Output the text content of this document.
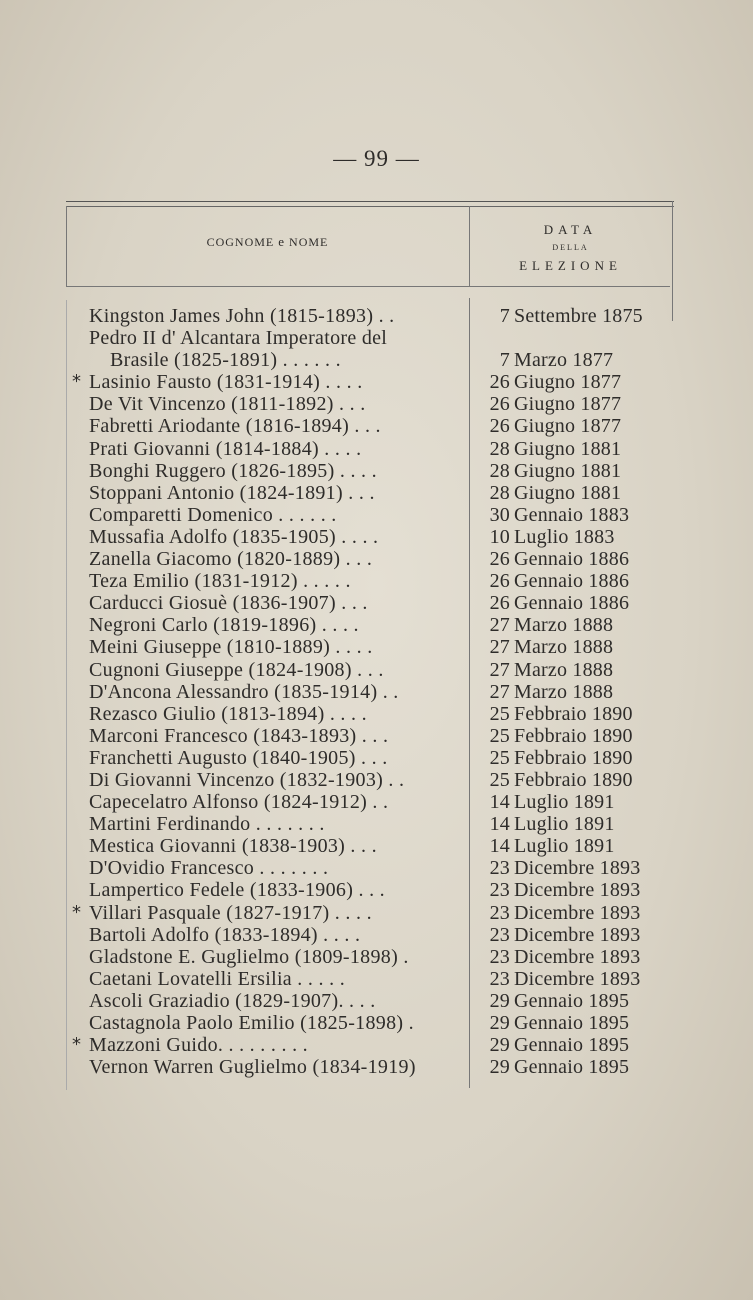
— 99 —
COGNOME e NOME
DATA
DELLA
ELEZIONE
Kingston James John (1815-1893) . .	7 Settembre 1875
Pedro II d' Alcantara Imperatore del
Brasile (1825-1891) . . . . . .	7 Marzo 1877
* Lasinio Fausto (1831-1914) . . . .	26 Giugno 1877
De Vit Vincenzo (1811-1892) . . .	26 Giugno 1877
Fabretti Ariodante (1816-1894) . . .	26 Giugno 1877
Prati Giovanni (1814-1884) . . . .	28 Giugno 1881
Bonghi Ruggero (1826-1895) . . . .	28 Giugno 1881
Stoppani Antonio (1824-1891) . . .	28 Giugno 1881
Comparetti Domenico . . . . . .	30 Gennaio 1883
Mussafia Adolfo (1835-1905) . . . .	10 Luglio 1883
Zanella Giacomo (1820-1889) . . .	26 Gennaio 1886
Teza Emilio (1831-1912) . . . . .	26 Gennaio 1886
Carducci Giosuè (1836-1907) . . .	26 Gennaio 1886
Negroni Carlo (1819-1896) . . . .	27 Marzo 1888
Meini Giuseppe (1810-1889) . . . .	27 Marzo 1888
Cugnoni Giuseppe (1824-1908) . . .	27 Marzo 1888
D'Ancona Alessandro (1835-1914) . .	27 Marzo 1888
Rezasco Giulio (1813-1894) . . . .	25 Febbraio 1890
Marconi Francesco (1843-1893) . . .	25 Febbraio 1890
Franchetti Augusto (1840-1905) . . .	25 Febbraio 1890
Di Giovanni Vincenzo (1832-1903) . .	25 Febbraio 1890
Capecelatro Alfonso (1824-1912) . .	14 Luglio 1891
Martini Ferdinando . . . . . . .	14 Luglio 1891
Mestica Giovanni (1838-1903) . . .	14 Luglio 1891
D'Ovidio Francesco . . . . . . .	23 Dicembre 1893
Lampertico Fedele (1833-1906) . . .	23 Dicembre 1893
* Villari Pasquale (1827-1917) . . . .	23 Dicembre 1893
Bartoli Adolfo (1833-1894) . . . .	23 Dicembre 1893
Gladstone E. Guglielmo (1809-1898) .	23 Dicembre 1893
Caetani Lovatelli Ersilia . . . . .	23 Dicembre 1893
Ascoli Graziadio (1829-1907). . . .	29 Gennaio 1895
Castagnola Paolo Emilio (1825-1898) .	29 Gennaio 1895
* Mazzoni Guido. . . . . . . . .	29 Gennaio 1895
Vernon Warren Guglielmo (1834-1919)	29 Gennaio 1895
